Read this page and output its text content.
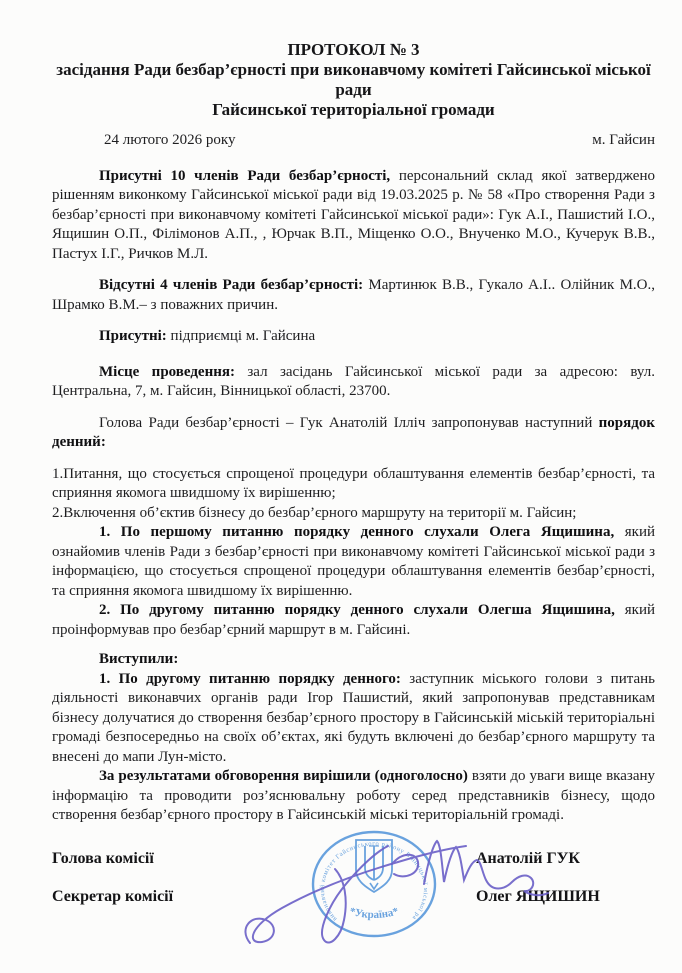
ПРОТОКОЛ № 3
засідання Ради безбар’єрності при виконавчому комітеті Гайсинської міської
ради
Гайсинської територіальної громади
24 лютого 2026 року	м. Гайсин

Присутні 10 членів Ради безбар’єрності, персональний склад якої затверджено рішенням виконкому Гайсинської міської ради від 19.03.2025 р. № 58 «Про створення Ради з безбар’єрності при виконавчому комітеті Гайсинської міської ради»: Гук А.І., Пашистий І.О., Ящишин О.П., Філімонов А.П., , Юрчак В.П., Міщенко О.О., Внученко М.О., Кучерук В.В., Пастух І.Г., Ричков М.Л.

Відсутні 4 членів Ради безбар’єрності: Мартинюк В.В., Гукало А.І.. Олійник М.О., Шрамко В.М.– з поважних причин.

Присутні: підприємці м. Гайсина

Місце проведення: зал засідань Гайсинської міської ради за адресою: вул. Центральна, 7, м. Гайсин, Вінницької області, 23700.

Голова Ради безбар’єрності – Гук Анатолій Ілліч запропонував наступний порядок денний:

1.Питання, що стосується спрощеної процедури облаштування елементів безбар’єрності, та сприяння якомога швидшому їх вирішенню;

2.Включення об’єктив бізнесу до безбар’єрного маршруту на території м. Гайсин;

1. По першому питанню порядку денного слухали Олега Ящишина, який ознайомив членів Ради з безбар’єрності при виконавчому комітеті Гайсинської міської ради з інформацією, що стосується спрощеної процедури облаштування елементів безбар’єрності, та сприяння якомога швидшому їх вирішенню.

2. По другому питанню порядку денного слухали Олегша Ящишина, який проінформував про безбар’єрний маршрут в м. Гайсині.

Виступили:

1. По другому питанню порядку денного: заступник міського голови з питань діяльності виконавчих органів ради Ігор Пашистий, який запропонував представникам бізнесу долучатися до створення безбар’єрного простору в Гайсинській міській територіальні громаді безпосередньо на своїх об’єктах, які будуть включені до безбар’єрного маршруту та внесені до мапи Лун-місто.

За результатами обговорення вирішили (одноголосно) взяти до уваги вище вказану інформацію та проводити роз’яснювальну роботу серед представників бізнесу, щодо створення безбар’єрного простору в Гайсинській міські територіальній громаді.

Голова комісії	Анатолій ГУК
Секретар комісії	Олег ЯЩИШИН
виконавчий комітет Гайсинського району Вінницької міської ради
*Україна*
